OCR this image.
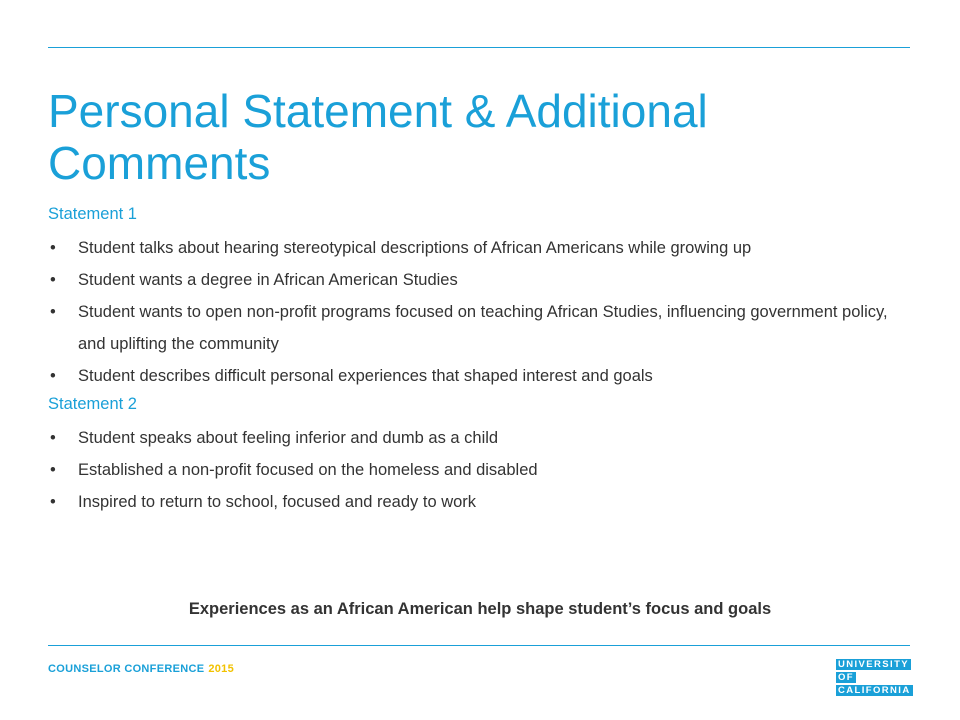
Personal Statement & Additional Comments
Statement 1
• Student talks about hearing stereotypical descriptions of African Americans while growing up
• Student wants a degree in African American Studies
• Student wants to open non-profit programs focused on teaching African Studies, influencing government policy, and uplifting the community
• Student describes difficult personal experiences that shaped interest and goals
Statement 2
• Student speaks about feeling inferior and dumb as a child
• Established a non-profit focused on the homeless and disabled
• Inspired to return to school, focused and ready to work
Experiences as an African American help shape student’s focus and goals
COUNSELOR CONFERENCE 2015	UNIVERSITY
OF
CALIFORNIA
